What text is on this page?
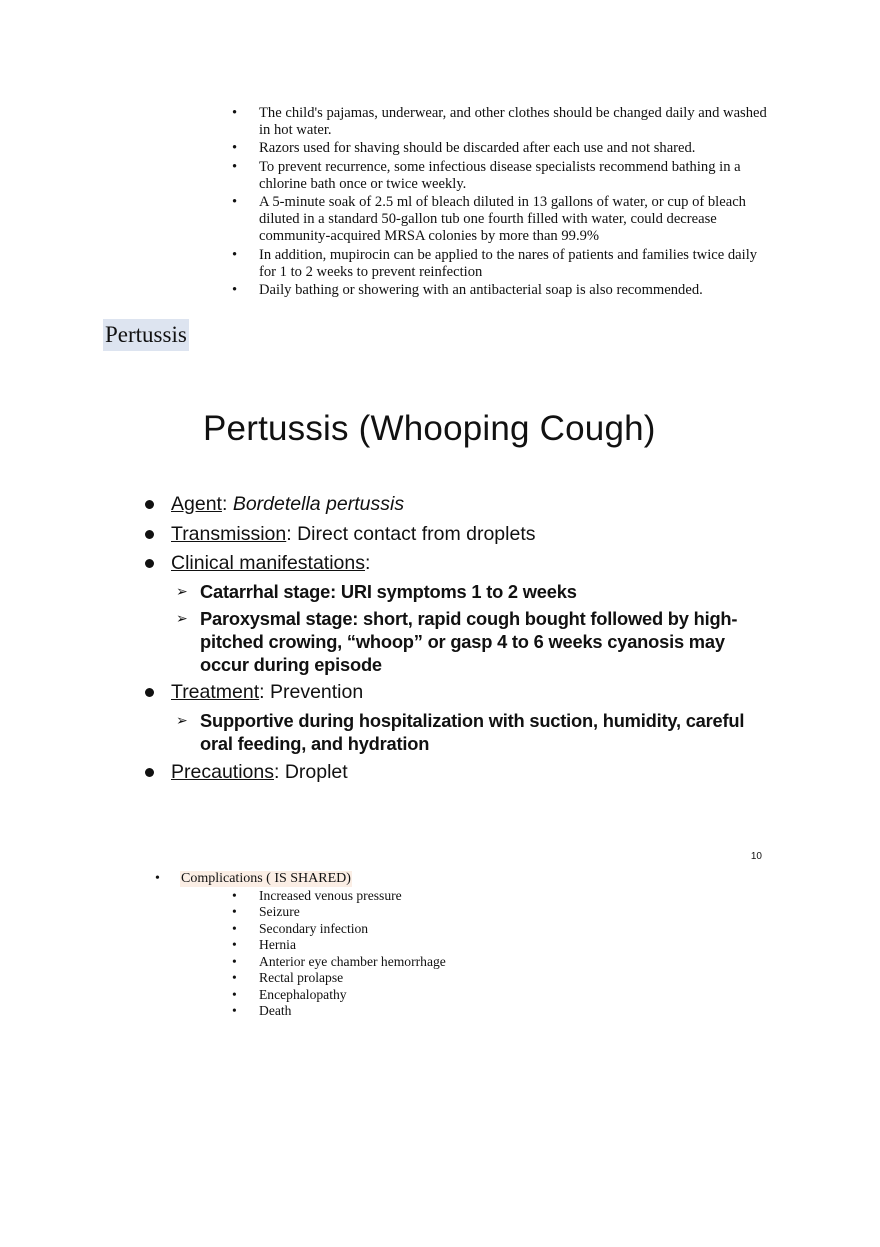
• The child's pajamas, underwear, and other clothes should be changed daily and washed in hot water.
• Razors used for shaving should be discarded after each use and not shared.
• To prevent recurrence, some infectious disease specialists recommend bathing in a chlorine bath once or twice weekly.
• A 5-minute soak of 2.5 ml of bleach diluted in 13 gallons of water, or cup of bleach diluted in a standard 50-gallon tub one fourth filled with water, could decrease community-acquired MRSA colonies by more than 99.9%
• In addition, mupirocin can be applied to the nares of patients and families twice daily for 1 to 2 weeks to prevent reinfection
• Daily bathing or showering with an antibacterial soap is also recommended.
Pertussis
Pertussis (Whooping Cough)
Agent: Bordetella pertussis
Transmission: Direct contact from droplets
Clinical manifestations:
➢ Catarrhal stage: URI symptoms 1 to 2 weeks
➢ Paroxysmal stage: short, rapid cough bought followed by high-
pitched crowing, “whoop” or gasp 4 to 6 weeks cyanosis may
occur during episode
Treatment: Prevention
➢ Supportive during hospitalization with suction, humidity, careful
oral feeding, and hydration
Precautions: Droplet
10
• Complications ( IS SHARED)
• Increased venous pressure
• Seizure
• Secondary infection
• Hernia
• Anterior eye chamber hemorrhage
• Rectal prolapse
• Encephalopathy
• Death
